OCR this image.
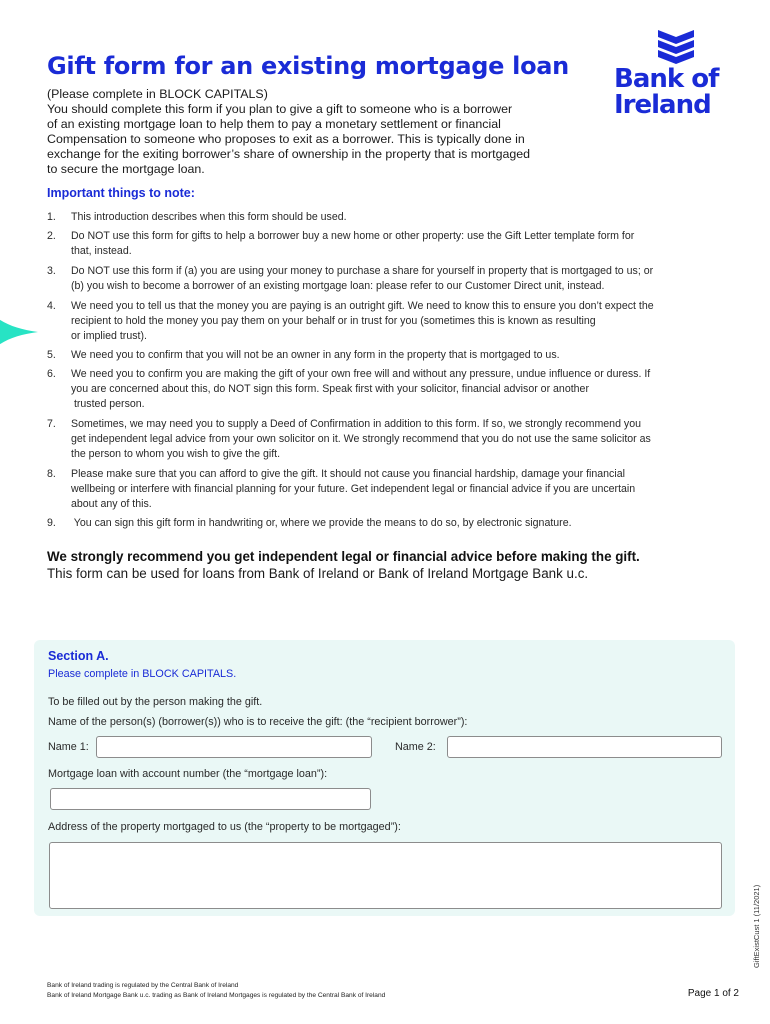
Gift form for an existing mortgage loan Bank of
Ireland

(Please complete in BLOCK CAPITALS)

You should complete this form if you plan to give a gift to someone who is a borrower

of an existing mortgage loan to help them to pay a monetary settlement or financial

Compensation to someone who proposes to exit as a borrower. This is typically done in

exchange for the exiting borrower’s share of ownership in the property that is mortgaged

to secure the mortgage loan.

Important things to note:
1.	This introduction describes when this form should be used.
2.	Do NOT use this form for gifts to help a borrower buy a new home or other property: use the Gift Letter template form for
that, instead.
3.	Do NOT use this form if (a) you are using your money to purchase a share for yourself in property that is mortgaged to us; or
(b) you wish to become a borrower of an existing mortgage loan: please refer to our Customer Direct unit, instead.
4.	We need you to tell us that the money you are paying is an outright gift. We need to know this to ensure you don’t expect the
recipient to hold the money you pay them on your behalf or in trust for you (sometimes this is known as resulting
or implied trust).
5.	We need you to confirm that you will not be an owner in any form in the property that is mortgaged to us.
6.	We need you to confirm you are making the gift of your own free will and without any pressure, undue influence or duress. If
you are concerned about this, do NOT sign this form. Speak first with your solicitor, financial advisor or another
trusted person.
7.	Sometimes, we may need you to supply a Deed of Confirmation in addition to this form. If so, we strongly recommend you
get independent legal advice from your own solicitor on it. We strongly recommend that you do not use the same solicitor as
the person to whom you wish to give the gift.
8.	Please make sure that you can afford to give the gift. It should not cause you financial hardship, damage your financial
wellbeing or interfere with financial planning for your future. Get independent legal or financial advice if you are uncertain
about any of this.
9.	You can sign this gift form in handwriting or, where we provide the means to do so, by electronic signature.

We strongly recommend you get independent legal or financial advice before making the gift.

This form can be used for loans from Bank of Ireland or Bank of Ireland Mortgage Bank u.c.

Section A.
Please complete in BLOCK CAPITALS.
To be filled out by the person making the gift.
Name of the person(s) (borrower(s)) who is to receive the gift: (the “recipient borrower”):
Name 1:	Name 2:
Mortgage loan with account number (the “mortgage loan”):
Address of the property mortgaged to us (the “property to be mortgaged”):
GiftExistCust 1 (11/2021)

Bank of Ireland trading is regulated by the Central Bank of Ireland

Bank of Ireland Mortgage Bank u.c. trading as Bank of Ireland Mortgages is regulated by the Central Bank of Ireland	Page 1 of 2
